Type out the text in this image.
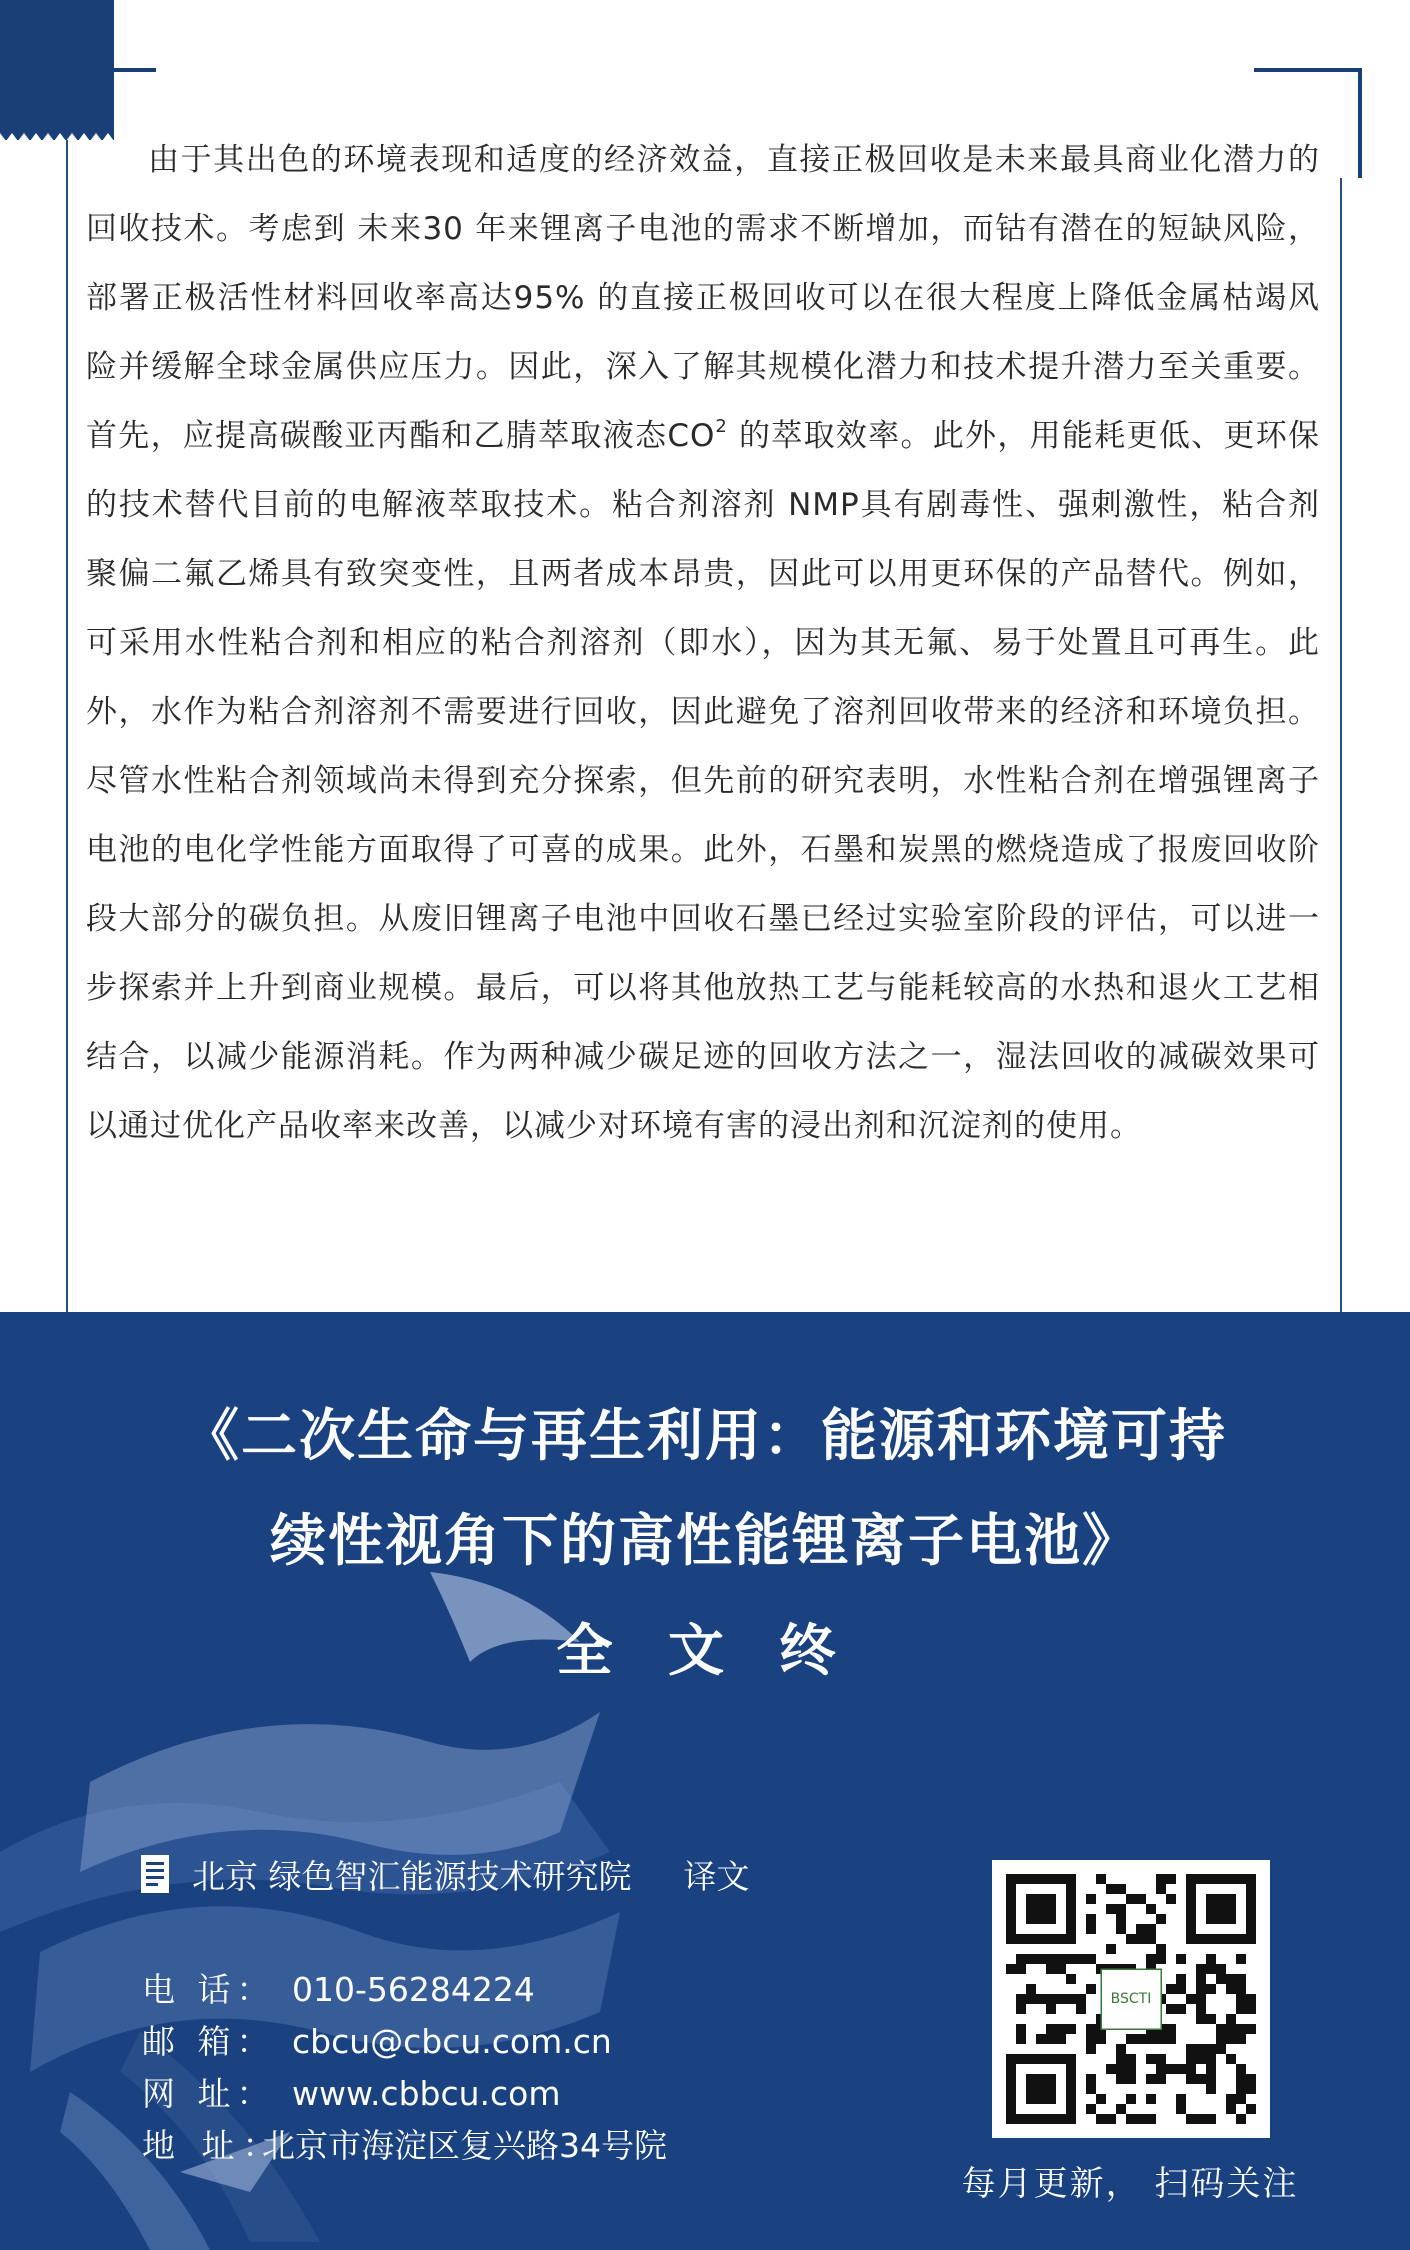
由于其出色的环境表现和适度的经济效益，直接正极回收是未来最具商业化潜力的回收技术。考虑到 未来30 年来锂离子电池的需求不断增加，而钴有潜在的短缺风险，部署正极活性材料回收率高达95% 的直接正极回收可以在很大程度上降低金属枯竭风险并缓解全球金属供应压力。因此，深入了解其规模化潜力和技术提升潜力至关重要。首先，应提高碳酸亚丙酯和乙腈萃取液态$CO^2$ 的萃取效率。此外，用能耗更低、更环保的技术替代目前的电解液萃取技术。粘合剂溶剂 NMP具有剧毒性、强刺激性，粘合剂聚偏二氟乙烯具有致突变性，且两者成本昂贵，因此可以用更环保的产品替代。例如，可采用水性粘合剂和相应的粘合剂溶剂（即水），因为其无氟、易于处置且可再生。此外，水作为粘合剂溶剂不需要进行回收，因此避免了溶剂回收带来的经济和环境负担。尽管水性粘合剂领域尚未得到充分探索，但先前的研究表明，水性粘合剂在增强锂离子电池的电化学性能方面取得了可喜的成果。此外，石墨和炭黑的燃烧造成了报废回收阶段大部分的碳负担。从废旧锂离子电池中回收石墨已经过实验室阶段的评估，可以进一步探索并上升到商业规模。最后，可以将其他放热工艺与能耗较高的水热和退火工艺相结合，以减少能源消耗。作为两种减少碳足迹的回收方法之一，湿法回收的减碳效果可以通过优化产品收率来改善，以减少对环境有害的浸出剂和沉淀剂的使用。

《二次生命与再生利用：能源和环境可持
续性视角下的高性能锂离子电池》
全 文 终
北京 绿色智汇能源技术研究院 译文
电 话： 010-56284224
邮 箱： cbcu@cbcu.com.cn
网 址： www.cbbcu.com
地 址：北京市海淀区复兴路34号院
BSCTI
每月更新， 扫码关注
